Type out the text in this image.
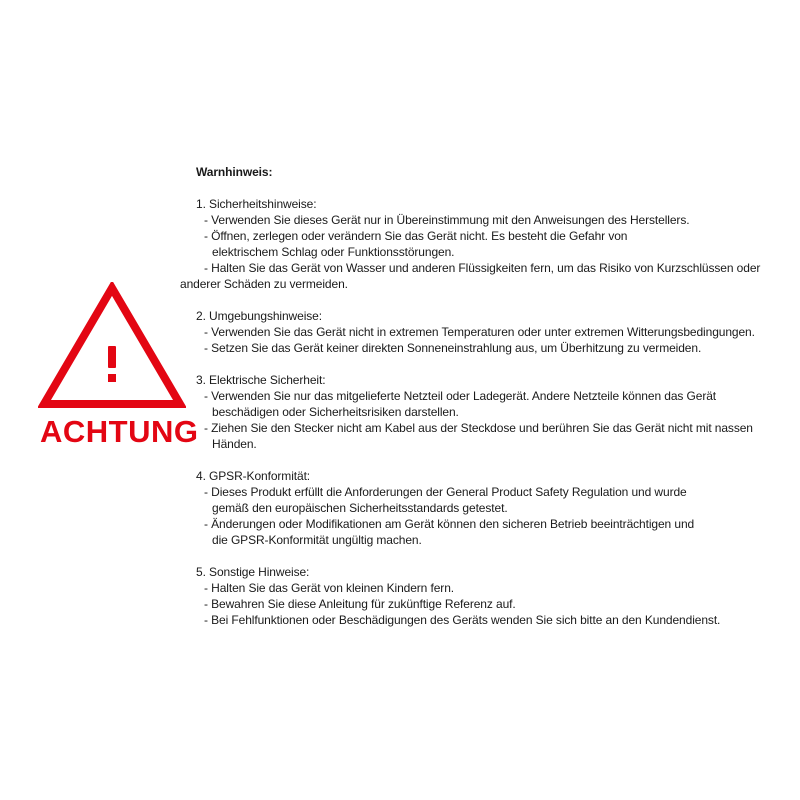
ACHTUNG

Warnhinweis:

1. Sicherheitshinweise:

- Verwenden Sie dieses Gerät nur in Übereinstimmung mit den Anweisungen des Herstellers.

- Öffnen, zerlegen oder verändern Sie das Gerät nicht. Es besteht die Gefahr von

elektrischem Schlag oder Funktionsstörungen.

- Halten Sie das Gerät von Wasser und anderen Flüssigkeiten fern, um das Risiko von Kurzschlüssen oder

anderer Schäden zu vermeiden.

2. Umgebungshinweise:

- Verwenden Sie das Gerät nicht in extremen Temperaturen oder unter extremen Witterungsbedingungen.

- Setzen Sie das Gerät keiner direkten Sonneneinstrahlung aus, um Überhitzung zu vermeiden.

3. Elektrische Sicherheit:

- Verwenden Sie nur das mitgelieferte Netzteil oder Ladegerät. Andere Netzteile können das Gerät

beschädigen oder Sicherheitsrisiken darstellen.

- Ziehen Sie den Stecker nicht am Kabel aus der Steckdose und berühren Sie das Gerät nicht mit nassen

Händen.

4. GPSR-Konformität:

- Dieses Produkt erfüllt die Anforderungen der General Product Safety Regulation und wurde

gemäß den europäischen Sicherheitsstandards getestet.

- Änderungen oder Modifikationen am Gerät können den sicheren Betrieb beeinträchtigen und

die GPSR-Konformität ungültig machen.

5. Sonstige Hinweise:

- Halten Sie das Gerät von kleinen Kindern fern.

- Bewahren Sie diese Anleitung für zukünftige Referenz auf.

- Bei Fehlfunktionen oder Beschädigungen des Geräts wenden Sie sich bitte an den Kundendienst.
